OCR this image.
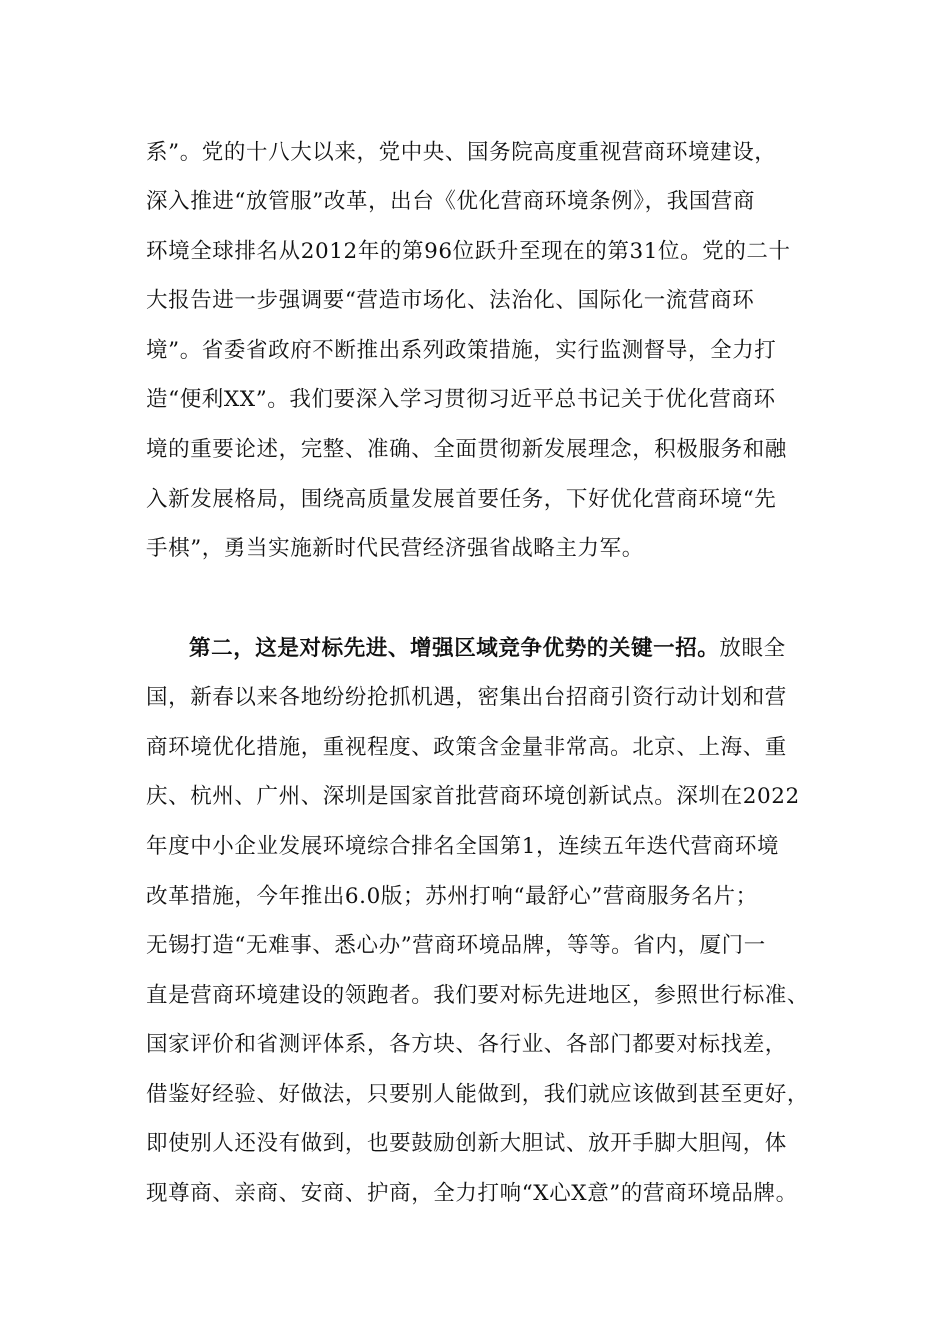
系”。党的十八大以来，党中央、国务院高度重视营商环境建设，
深入推进“放管服”改革，出台《优化营商环境条例》，我国营商
环境全球排名从2012年的第96位跃升至现在的第31位。党的二十
大报告进一步强调要“营造市场化、法治化、国际化一流营商环
境”。省委省政府不断推出系列政策措施，实行监测督导，全力打
造“便利XX”。我们要深入学习贯彻习近平总书记关于优化营商环
境的重要论述，完整、准确、全面贯彻新发展理念，积极服务和融
入新发展格局，围绕高质量发展首要任务，下好优化营商环境“先
手棋”，勇当实施新时代民营经济强省战略主力军。
第二，这是对标先进、增强区域竞争优势的关键一招。放眼全
国，新春以来各地纷纷抢抓机遇，密集出台招商引资行动计划和营
商环境优化措施，重视程度、政策含金量非常高。北京、上海、重
庆、杭州、广州、深圳是国家首批营商环境创新试点。深圳在2022
年度中小企业发展环境综合排名全国第1，连续五年迭代营商环境
改革措施，今年推出6.0版；苏州打响“最舒心”营商服务名片；
无锡打造“无难事、悉心办”营商环境品牌，等等。省内，厦门一
直是营商环境建设的领跑者。我们要对标先进地区，参照世行标准、
国家评价和省测评体系，各方块、各行业、各部门都要对标找差，
借鉴好经验、好做法，只要别人能做到，我们就应该做到甚至更好，
即使别人还没有做到，也要鼓励创新大胆试、放开手脚大胆闯，体
现尊商、亲商、安商、护商，全力打响“X心X意”的营商环境品牌。
